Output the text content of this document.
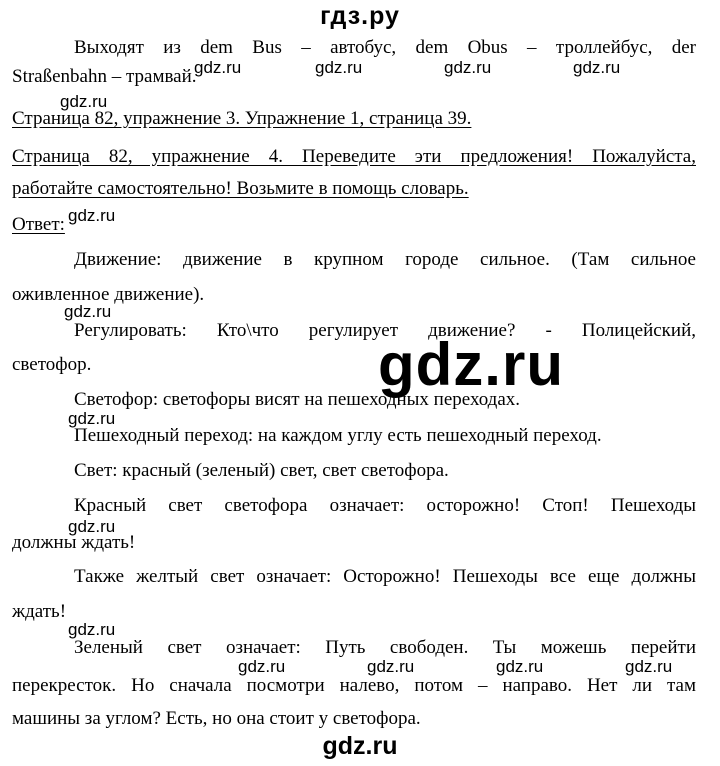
гдз.ру
Выходят из dem Bus – автобус, dem Obus – троллейбус, der
Straßenbahn – трамвай.
gdz.ru	gdz.ru	gdz.ru	gdz.ru
gdz.ru
Страница 82, упражнение 3. Упражнение 1, страница 39.
Страница 82, упражнение 4. Переведите эти предложения! Пожалуйста,
работайте самостоятельно! Возьмите в помощь словарь.
Ответ: gdz.ru
Движение: движение в крупном городе сильное. (Там сильное
оживленное движение).
gdz.ru
Регулировать: Кто\что регулирует движение? - Полицейский,
светофор.	gdz.ru
Светофор: светофоры висят на пешеходных переходах.
gdz.ru
Пешеходный переход: на каждом углу есть пешеходный переход.
Свет: красный (зеленый) свет, свет светофора.
Красный свет светофора означает: осторожно! Стоп! Пешеходы
gdz.ru
должны ждать!
Также желтый свет означает: Осторожно! Пешеходы все еще должны
ждать!
gdz.ru
Зеленый свет означает: Путь свободен. Ты можешь перейти
gdz.ru	gdz.ru	gdz.ru	gdz.ru
перекресток. Но сначала посмотри налево, потом – направо. Нет ли там
машины за углом? Есть, но она стоит у светофора.
gdz.ru
